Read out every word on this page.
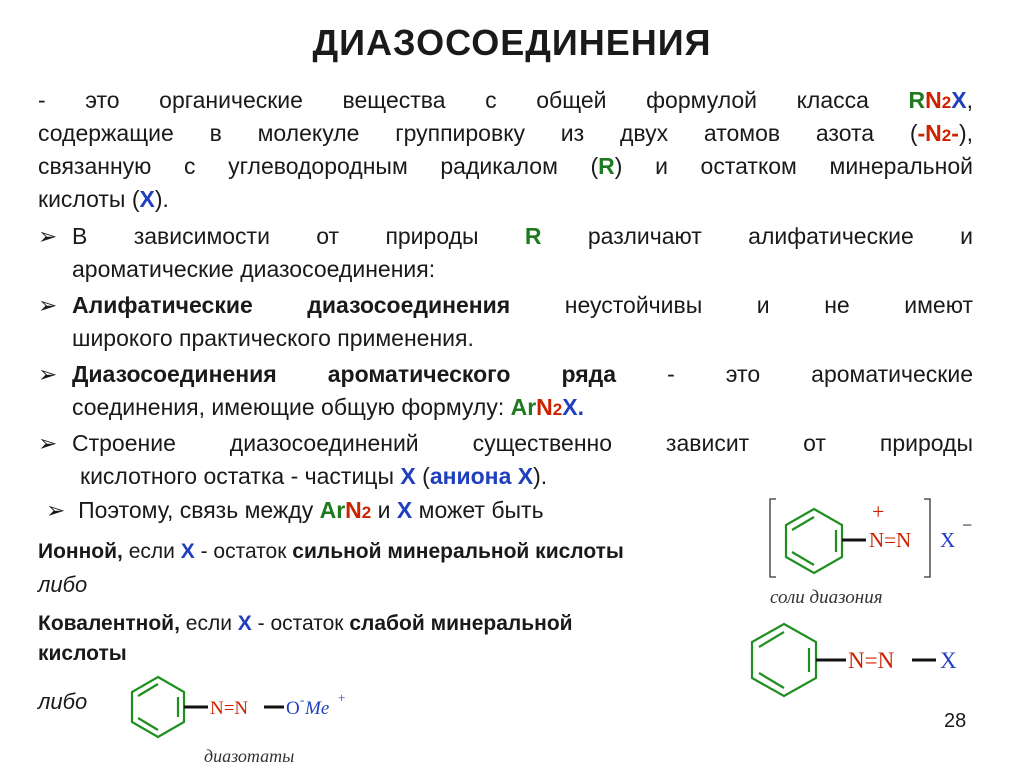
ДИАЗОСОЕДИНЕНИЯ
- это органические вещества с общей формулой класса RN2X,
содержащие в молекуле группировку из двух атомов азота (-N2-),
связанную с углеводородным радикалом (R) и остатком минеральной
кислоты (X).
➢ В зависимости от природы R различают алифатические и
ароматические диазосоединения:
➢ Алифатические диазосоединения неустойчивы и не имеют
широкого практического применения.
➢ Диазосоединения ароматического ряда - это ароматические
соединения, имеющие общую формулу: ArN2X.
➢ Строение диазосоединений существенно зависит от природы
кислотного остатка - частицы X (аниона X).
➢ Поэтому, связь между ArN2 и X может быть
Ионной, если X - остаток сильной минеральной кислоты
либо
Ковалентной, если X - остаток слабой минеральной
кислоты
либо
+
N=N X
−
соли диазония
N=N X
N=N O - Me
+
диазотаты
28
